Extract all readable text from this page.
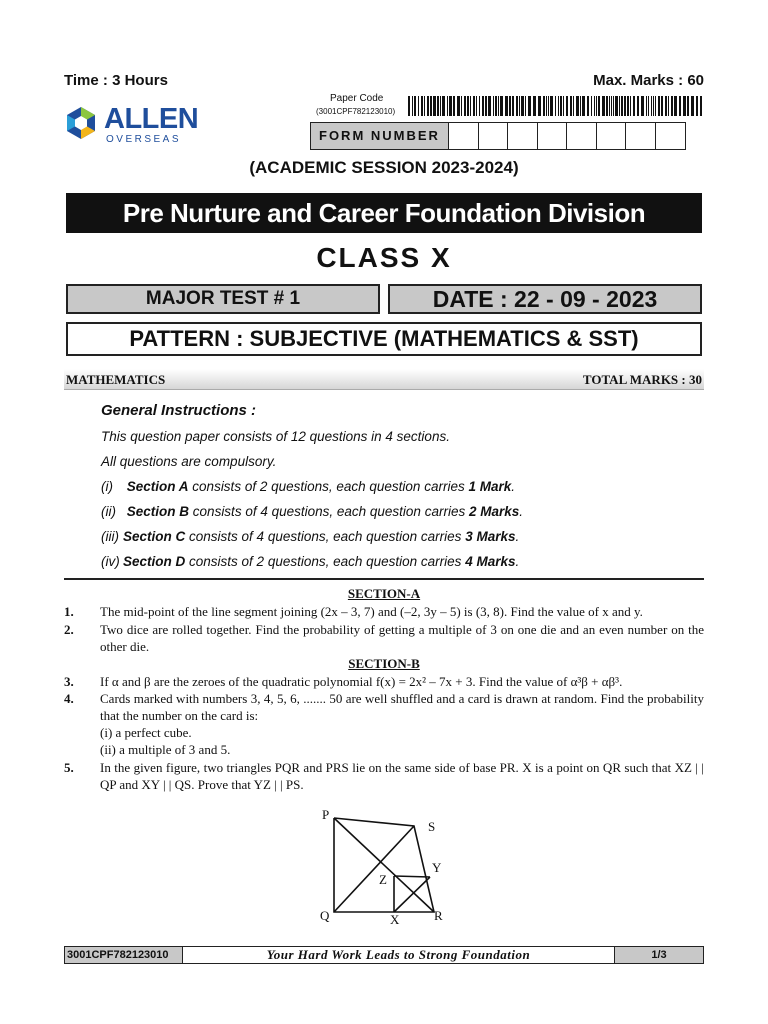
Time : 3 Hours	Max. Marks : 60
ALLEN
OVERSEAS
Paper Code
(3001CPF782123010)
FORM NUMBER
(ACADEMIC SESSION 2023-2024)
Pre Nurture and Career Foundation Division
CLASS X
MAJOR TEST # 1	DATE : 22 - 09 - 2023
PATTERN : SUBJECTIVE (MATHEMATICS & SST)
MATHEMATICS	TOTAL MARKS : 30
General Instructions :
This question paper consists of 12 questions in 4 sections.
All questions are compulsory.
(i) Section A consists of 2 questions, each question carries 1 Mark.
(ii) Section B consists of 4 questions, each question carries 2 Marks.
(iii) Section C consists of 4 questions, each question carries 3 Marks.
(iv) Section D consists of 2 questions, each question carries 4 Marks.
SECTION-A
1. The mid-point of the line segment joining (2x – 3, 7) and (–2, 3y – 5) is (3, 8). Find the value of x and y.
2. Two dice are rolled together. Find the probability of getting a multiple of 3 on one die and an even number on the other die.
SECTION-B
3. If α and β are the zeroes of the quadratic polynomial f(x) = 2x² – 7x + 3. Find the value of α³β + αβ³.
4. Cards marked with numbers 3, 4, 5, 6, ....... 50 are well shuffled and a card is drawn at random. Find the probability that the number on the card is:
(i) a perfect cube.
(ii) a multiple of 3 and 5.
5. In the given figure, two triangles PQR and PRS lie on the same side of base PR. X is a point on QR such that XZ | | QP and XY | | QS. Prove that YZ | | PS.
P
S
Y
Z
Q	X	R
3001CPF782123010	Your Hard Work Leads to Strong Foundation	1/3
